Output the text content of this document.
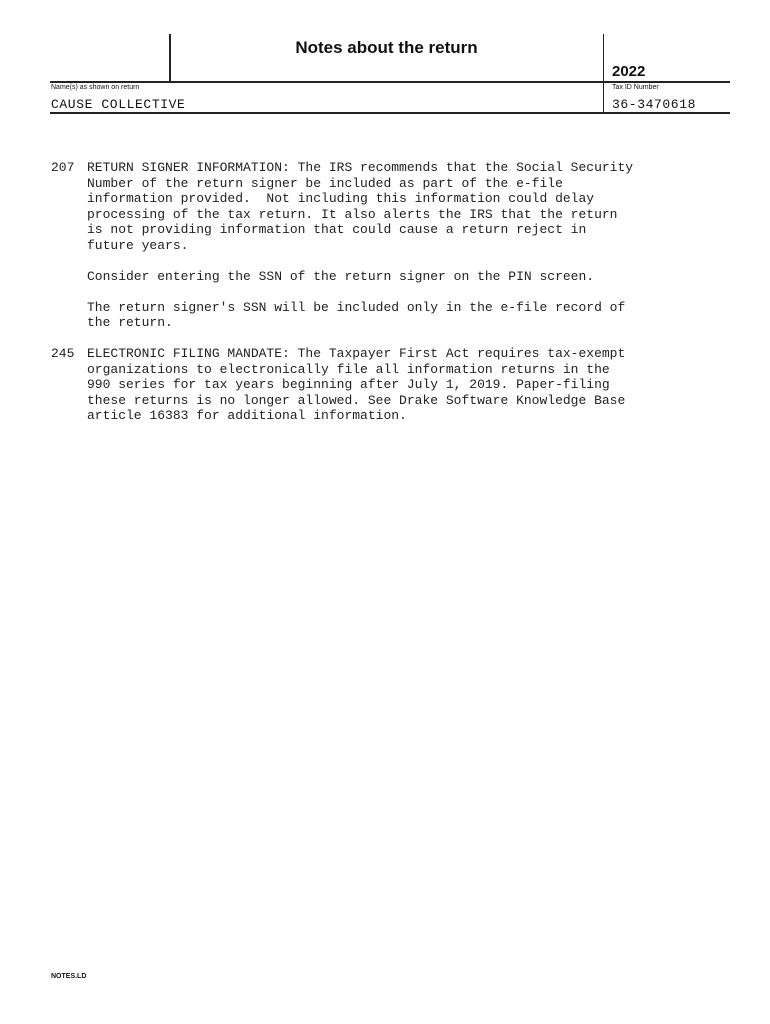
Notes about the return
2022
Name(s) as shown on return	Tax ID Number
CAUSE COLLECTIVE	36-3470618
207 RETURN SIGNER INFORMATION: The IRS recommends that the Social Security
Number of the return signer be included as part of the e-file
information provided.  Not including this information could delay
processing of the tax return. It also alerts the IRS that the return
is not providing information that could cause a return reject in
future years.

Consider entering the SSN of the return signer on the PIN screen.

The return signer's SSN will be included only in the e-file record of
the return.

245 ELECTRONIC FILING MANDATE: The Taxpayer First Act requires tax-exempt
organizations to electronically file all information returns in the
990 series for tax years beginning after July 1, 2019. Paper-filing
these returns is no longer allowed. See Drake Software Knowledge Base
article 16383 for additional information.

NOTES.LD
